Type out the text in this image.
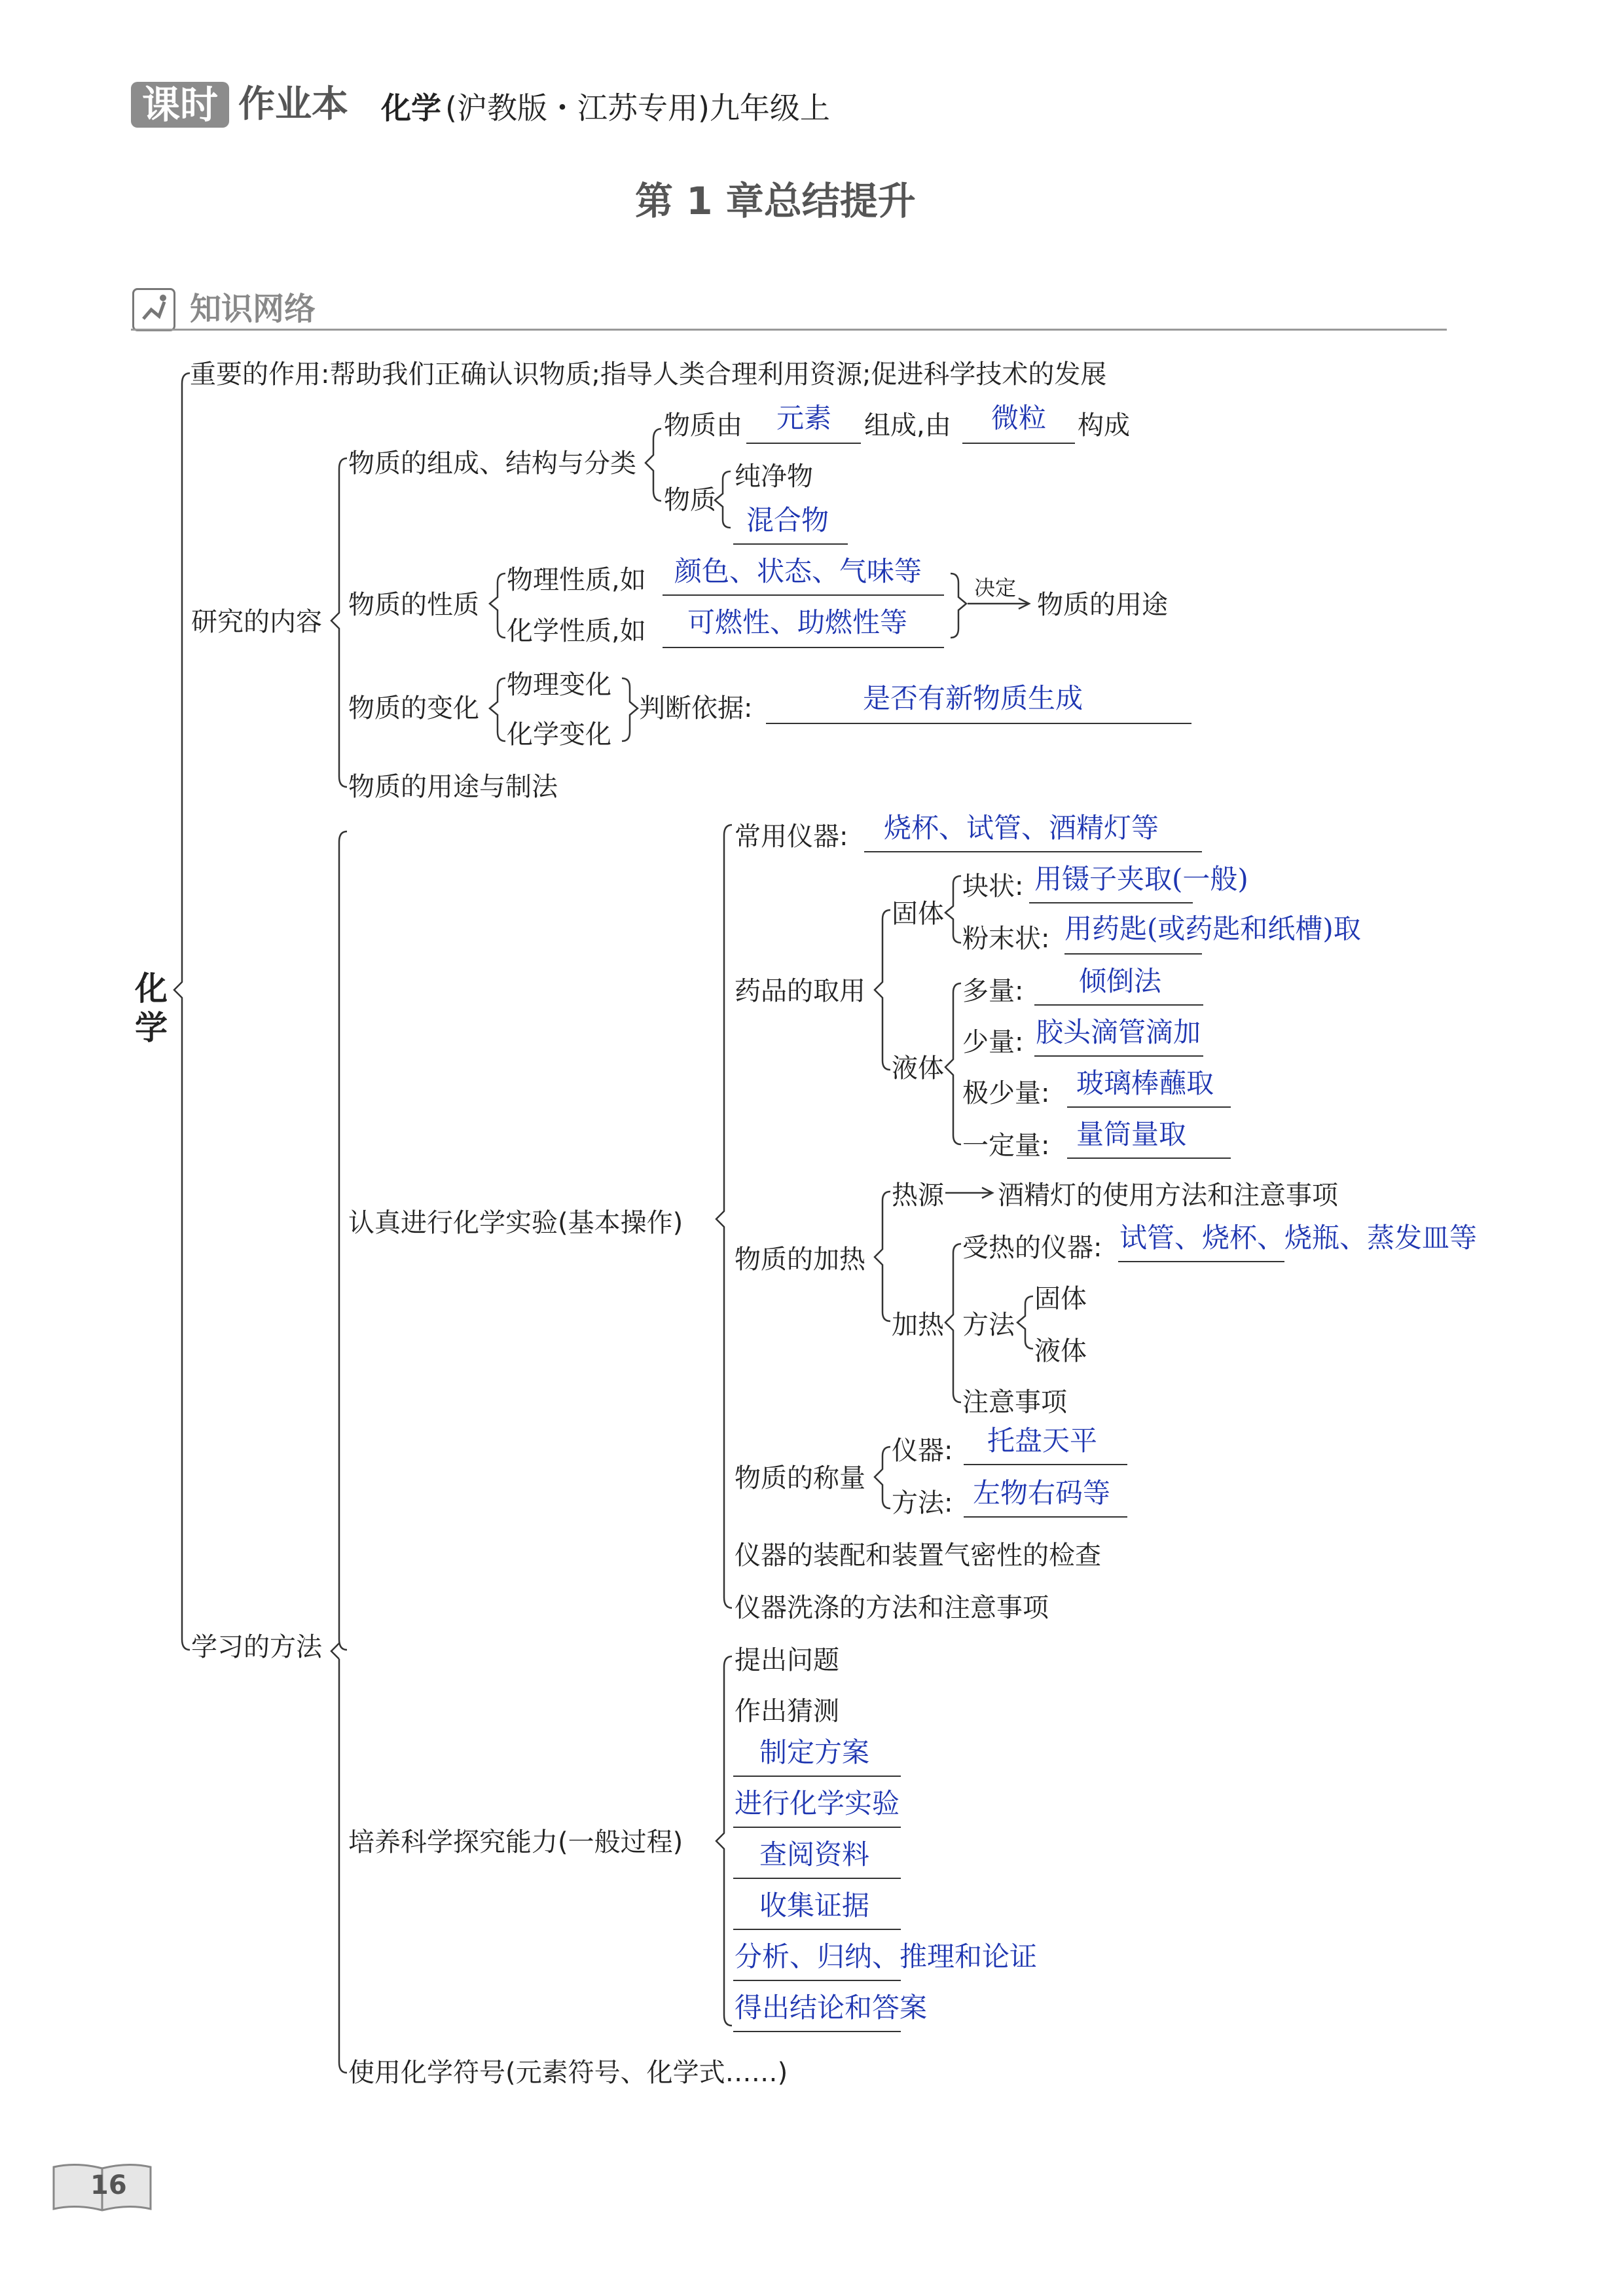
课时 作业本 化学 (沪教版・江苏专用)九年级上
第 1 章总结提升
知识网络
化学
重要的作用:帮助我们正确认识物质;指导人类合理利用资源;促进科学技术的发展
研究的内容
物质的组成、结构与分类
物质由 元素 组成,由 微粒 构成
物质
纯净物
混合物
物质的性质
物理性质,如 颜色、状态、气味等
化学性质,如 可燃性、助燃性等
决定
物质的用途
物质的变化
物理变化
化学变化
判断依据:	是否有新物质生成
物质的用途与制法
学习的方法
认真进行化学实验(基本操作)
常用仪器: 烧杯、试管、酒精灯等
药品的取用
固体
块状: 用镊子夹取(一般)
粉末状: 用药匙(或药匙和纸槽)取
液体
多量: 倾倒法
少量: 胶头滴管滴加
极少量: 玻璃棒蘸取
一定量: 量筒量取
物质的加热
热源 酒精灯的使用方法和注意事项
加热
受热的仪器: 试管、烧杯、烧瓶、蒸发皿等
方法
固体
液体
注意事项
物质的称量
仪器: 托盘天平
方法: 左物右码等
仪器的装配和装置气密性的检查
仪器洗涤的方法和注意事项
培养科学探究能力(一般过程)
提出问题
作出猜测
制定方案
进行化学实验
查阅资料
收集证据
分析、归纳、推理和论证
得出结论和答案
使用化学符号(元素符号、化学式……)
16
